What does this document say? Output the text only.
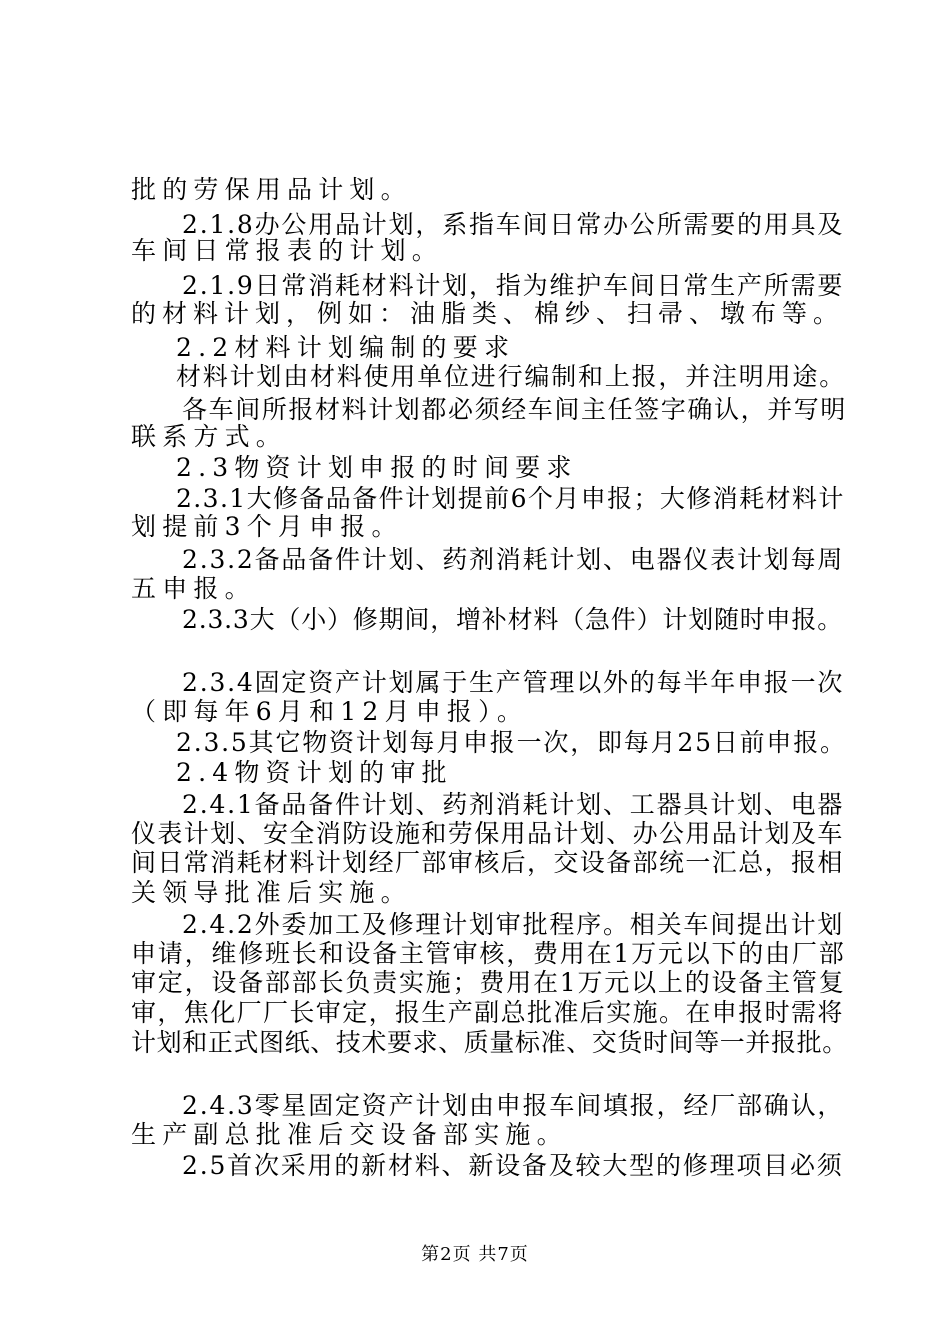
批的劳保用品计划。
2.1.8办公用品计划，系指车间日常办公所需要的用具及
车间日常报表的计划。
2.1.9日常消耗材料计划，指为维护车间日常生产所需要
的材料计划，例如：油脂类、棉纱、扫帚、墩布等。
2.2材料计划编制的要求
材料计划由材料使用单位进行编制和上报，并注明用途。
各车间所报材料计划都必须经车间主任签字确认，并写明
联系方式。
2.3物资计划申报的时间要求
2.3.1大修备品备件计划提前6个月申报；大修消耗材料计
划提前3个月申报。
2.3.2备品备件计划、药剂消耗计划、电器仪表计划每周
五申报。
2.3.3大（小）修期间，增补材料（急件）计划随时申报。
2.3.4固定资产计划属于生产管理以外的每半年申报一次
（即每年6月和12月申报）。
2.3.5其它物资计划每月申报一次，即每月25日前申报。
2.4物资计划的审批
2.4.1备品备件计划、药剂消耗计划、工器具计划、电器
仪表计划、安全消防设施和劳保用品计划、办公用品计划及车
间日常消耗材料计划经厂部审核后，交设备部统一汇总，报相
关领导批准后实施。
2.4.2外委加工及修理计划审批程序。相关车间提出计划
申请，维修班长和设备主管审核，费用在1万元以下的由厂部
审定，设备部部长负责实施；费用在1万元以上的设备主管复
审，焦化厂厂长审定，报生产副总批准后实施。在申报时需将
计划和正式图纸、技术要求、质量标准、交货时间等一并报批。
2.4.3零星固定资产计划由申报车间填报，经厂部确认，
生产副总批准后交设备部实施。
2.5首次采用的新材料、新设备及较大型的修理项目必须
第2页 共7页
